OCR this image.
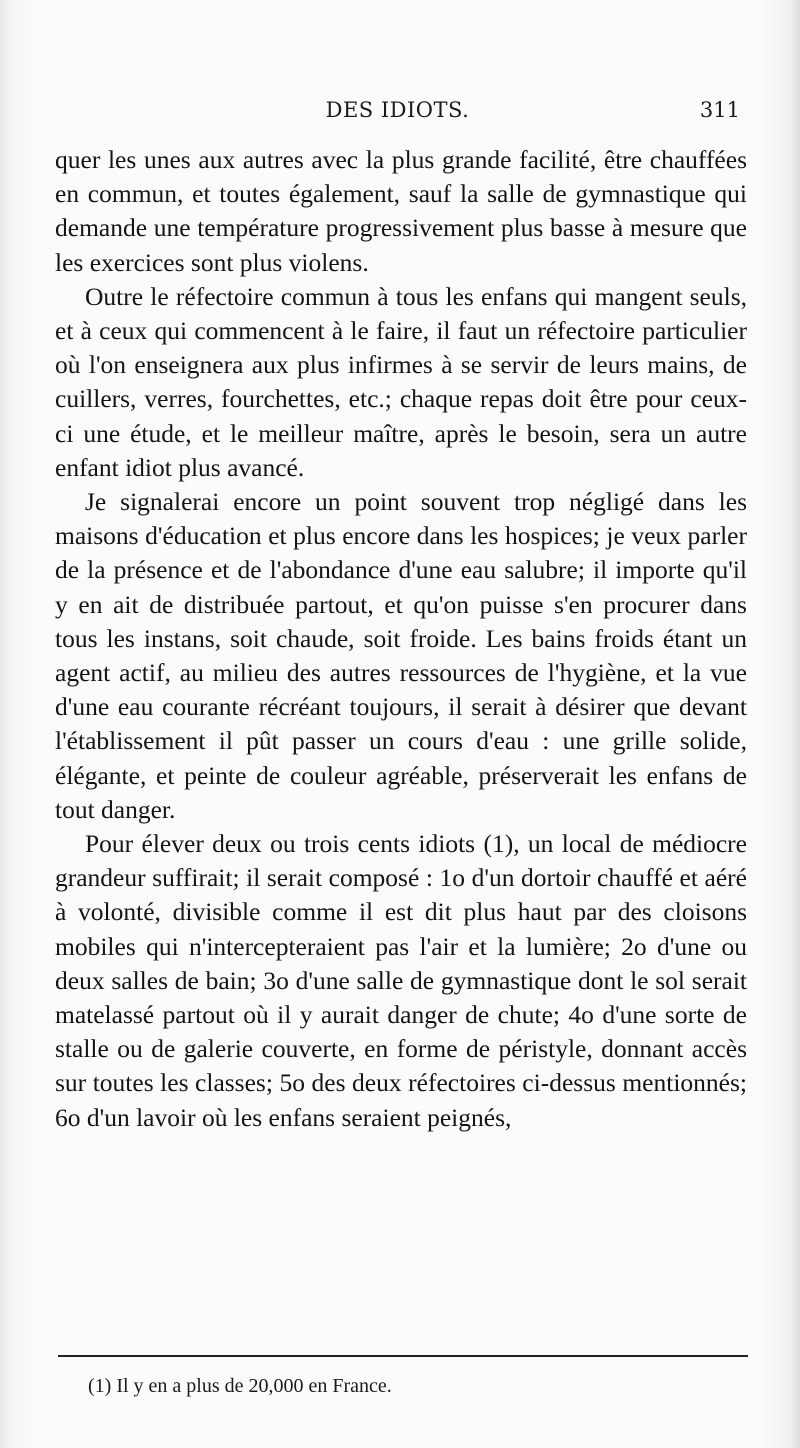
DES IDIOTS.	311

quer les unes aux autres avec la plus grande facilité, être chauffées en commun, et toutes également, sauf la salle de gymnastique qui demande une température progressivement plus basse à mesure que les exercices sont plus violens.

Outre le réfectoire commun à tous les enfans qui mangent seuls, et à ceux qui commencent à le faire, il faut un réfectoire particulier où l'on enseignera aux plus infirmes à se servir de leurs mains, de cuillers, verres, fourchettes, etc.; chaque repas doit être pour ceux-ci une étude, et le meilleur maître, après le besoin, sera un autre enfant idiot plus avancé.

Je signalerai encore un point souvent trop négligé dans les maisons d'éducation et plus encore dans les hospices; je veux parler de la présence et de l'abondance d'une eau salubre; il importe qu'il y en ait de distribuée partout, et qu'on puisse s'en procurer dans tous les instans, soit chaude, soit froide. Les bains froids étant un agent actif, au milieu des autres ressources de l'hygiène, et la vue d'une eau courante récréant toujours, il serait à désirer que devant l'établissement il pût passer un cours d'eau : une grille solide, élégante, et peinte de couleur agréable, préserverait les enfans de tout danger.

Pour élever deux ou trois cents idiots (1), un local de médiocre grandeur suffirait; il serait composé : 1o d'un dortoir chauffé et aéré à volonté, divisible comme il est dit plus haut par des cloisons mobiles qui n'intercepteraient pas l'air et la lumière; 2o d'une ou deux salles de bain; 3o d'une salle de gymnastique dont le sol serait matelassé partout où il y aurait danger de chute; 4o d'une sorte de stalle ou de galerie couverte, en forme de péristyle, donnant accès sur toutes les classes; 5o des deux réfectoires ci-dessus mentionnés; 6o d'un lavoir où les enfans seraient peignés,

(1) Il y en a plus de 20,000 en France.
